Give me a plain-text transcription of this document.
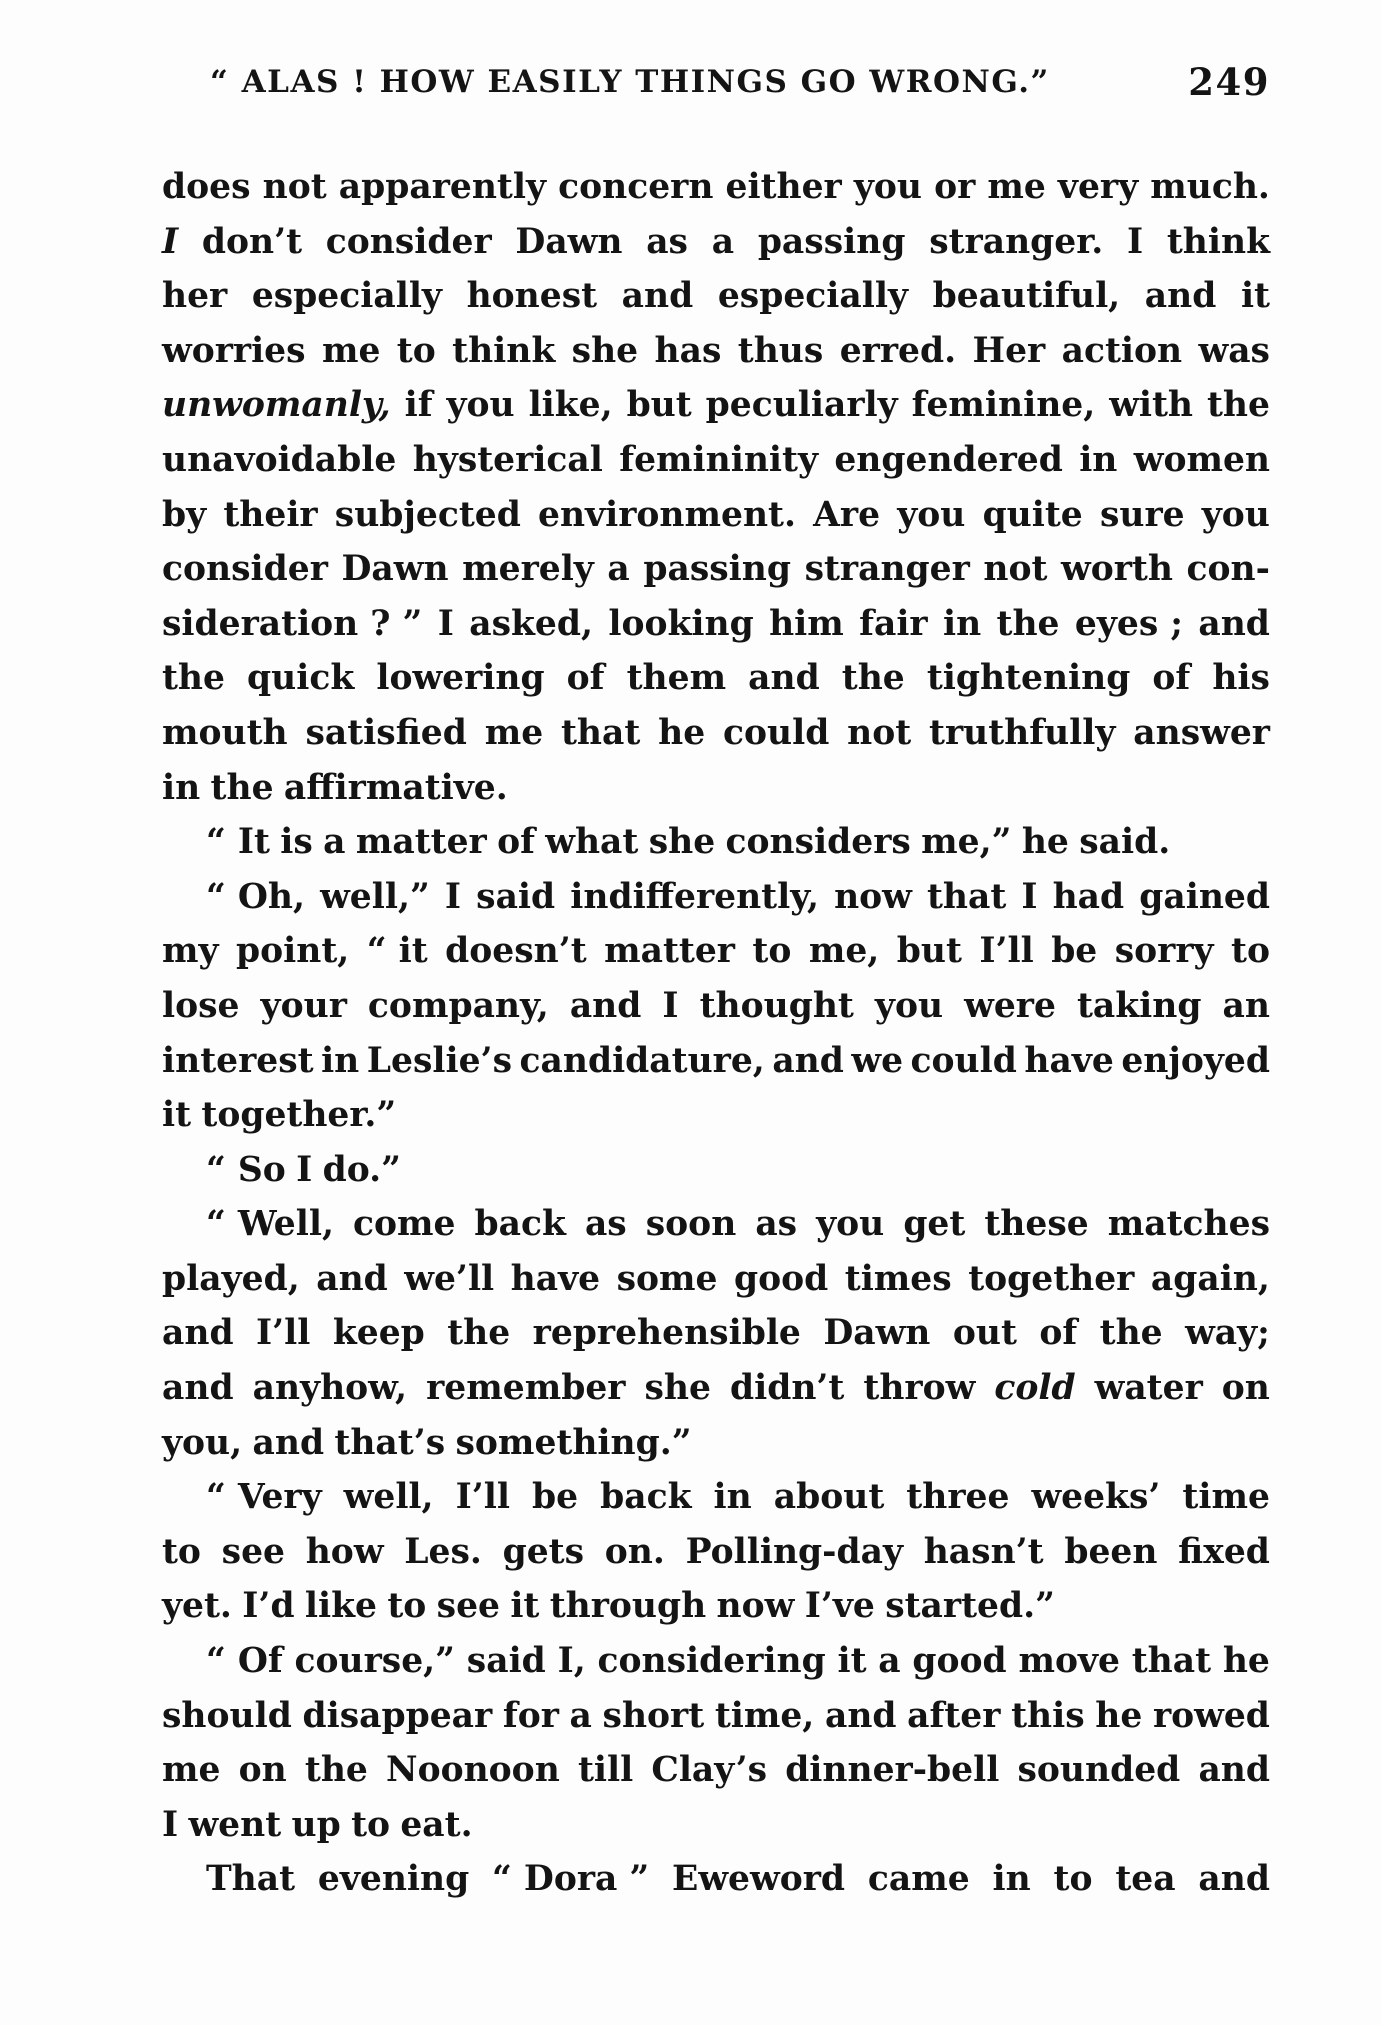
“ ALAS ! HOW EASILY THINGS GO WRONG.”	249
does not apparently concern either you or me very much.
I don’t consider Dawn as a passing stranger. I think
her especially honest and especially beautiful, and it
worries me to think she has thus erred. Her action was
unwomanly, if you like, but peculiarly feminine, with the
unavoidable hysterical femininity engendered in women
by their subjected environment. Are you quite sure you
consider Dawn merely a passing stranger not worth con-
sideration ? ” I asked, looking him fair in the eyes ; and
the quick lowering of them and the tightening of his
mouth satisfied me that he could not truthfully answer
in the affirmative.
“ It is a matter of what she considers me,” he said.
“ Oh, well,” I said indifferently, now that I had gained
my point, “ it doesn’t matter to me, but I’ll be sorry to
lose your company, and I thought you were taking an
interest in Leslie’s candidature, and we could have enjoyed
it together.”
“ So I do.”
“ Well, come back as soon as you get these matches
played, and we’ll have some good times together again,
and I’ll keep the reprehensible Dawn out of the way;
and anyhow, remember she didn’t throw cold water on
you, and that’s something.”
“ Very well, I’ll be back in about three weeks’ time
to see how Les. gets on. Polling-day hasn’t been fixed
yet. I’d like to see it through now I’ve started.”
“ Of course,” said I, considering it a good move that he
should disappear for a short time, and after this he rowed
me on the Noonoon till Clay’s dinner-bell sounded and
I went up to eat.
That evening “ Dora ” Eweword came in to tea and
